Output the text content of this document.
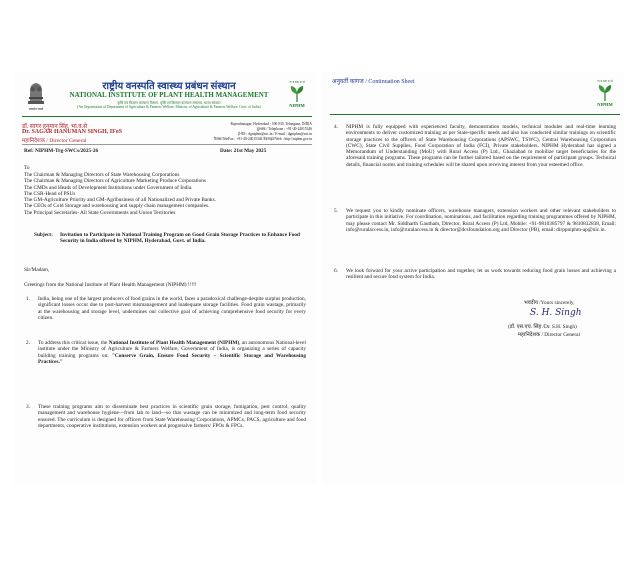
सत्यमेव जयते
राष्ट्रीय वनस्पति स्वास्थ्य प्रबंधन संस्थान
NATIONAL INSTITUTE OF PLANT HEALTH MANAGEMENT
कृषि एवं किसान कल्याण विभाग, कृषि एवं किसान कल्याण मंत्रालय, भारत सरकार
(An Organisation of Department of Agriculture & Farmers Welfare, Ministry of Agriculture & Farmers Welfare, Govt. of India)
रा व स्वा प्र सं
NIPHM
डॉ. सागर हनुमान सिंह, भा.व.से
Dr. SAGAR HANUMAN SINGH, IFoS
महानिदेशक / Director General
Rajendranagar, Hyderabad - 500 030, Telangana, INDIA
दूरभाष / Telephone : +91-40-24015346
ई-मेल : dgniphm@nic.in / E-mail : dgniphm@nic.in
फैक्स/TeleFax : +91-40-24015346 वेबसाइट/Web : http://niphm.gov.in
Ref: NIPHM-Trg-SWCs/2025-26	Date: 21st May 2025
To
The Chairman & Managing Directors of State Warehousing Corporations
The Chairman & Managing Directors of Agriculture Marketing Produce Corporations
The CMDs and Heads of Development Institutions under Government of India.
The CSR-Head of PSUs
The GM-Agriculture Priority and GM-Agribusiness of all Nationalized and Private Banks.
The CEOs of Cold Storage and warehousing and supply chain management companies.
The Principal Secretaries- All State Governments and Union Territories
Subject: Invitation to Participate in National Training Program on Good Grain Storage Practices to Enhance Food Security in India offered by NIPHM, Hyderabad, Govt. of India.
Sir/Madam,
Greetings from the National Institute of Plant Health Management (NIPHM) !!!!!
1. India, being one of the largest producers of food grains in the world, faces a paradoxical challenge-despite surplus production, significant losses occur due to post-harvest mismanagement and inadequate storage facilities. Food grain wastage, primarily at the warehousing and storage level, undermines our collective goal of achieving comprehensive food security for every citizen.
2. To address this critical issue, the National Institute of Plant Health Management (NIPHM), an autonomous National-level institute under the Ministry of Agriculture & Farmers Welfare, Government of India, is organizing a series of capacity building training programs on: "Conserve Grain, Ensure Food Security – Scientific Storage and Warehousing Practices."
3. These training programs aim to disseminate best practices in scientific grain storage, fumigation, pest control, quality management and warehouse hygiene—from lab to land—so that wastage can be minimized and long-term food security ensured. The curriculum is designed for officers from State Warehousing Corporations, APMCs, PACS, agriculture and food departments, cooperative institutions, extension workers and progressive farmers/ FPOs & FPCs.
अनुवर्ती कागज / Continuation Sheet	रा व स्वा प्र सं
NIPHM
4. NIPHM is fully equipped with experienced faculty, demonstration models, technical modules and real-time learning environments to deliver customized training as per State-specific needs and also has conducted similar trainings on scientific storage practices to the officers of State Warehousing Corporations (APSWC, TSWC), Central Warehousing Corporation (CWC), State Civil Supplies, Food Corporation of India (FCI), Private stakeholders. NIPHM Hyderabad has signed a Memorandum of Understanding (MoU) with Rural Access (P) Ltd., Ghaziabad to mobilize target beneficiaries for the aforesaid training programs. These programs can be further tailored based on the requirement of participant groups. Technical details, financial norms and training schedules will be shared upon receiving interest from your esteemed office.
5. We request you to kindly nominate officers, warehouse managers, extension workers and other relevant stakeholders to participate in this initiative. For coordination, nominations, and facilitation regarding training programmes offered by NIPHM, may please contact Mr. Siddharth Gautham, Director, Rural Access (P) Ltd, Mobile: +91-9810385797 & 9810832838, Email: info@ruralaccess.in, info@ruralaccess.in & director@dcsfoundation.org and Director (PB), email: dirppniphm-ap@nic.in.
6. We look forward for your active participation and together, let us work towards reducing food grain losses and achieving a resilient and secure food system for India.
भवदीय /Yours sincerely,
S. H. Singh
(डॉ. एस.एच. सिंह /Dr. S.H. Singh)
महानिदेशक / Director General
